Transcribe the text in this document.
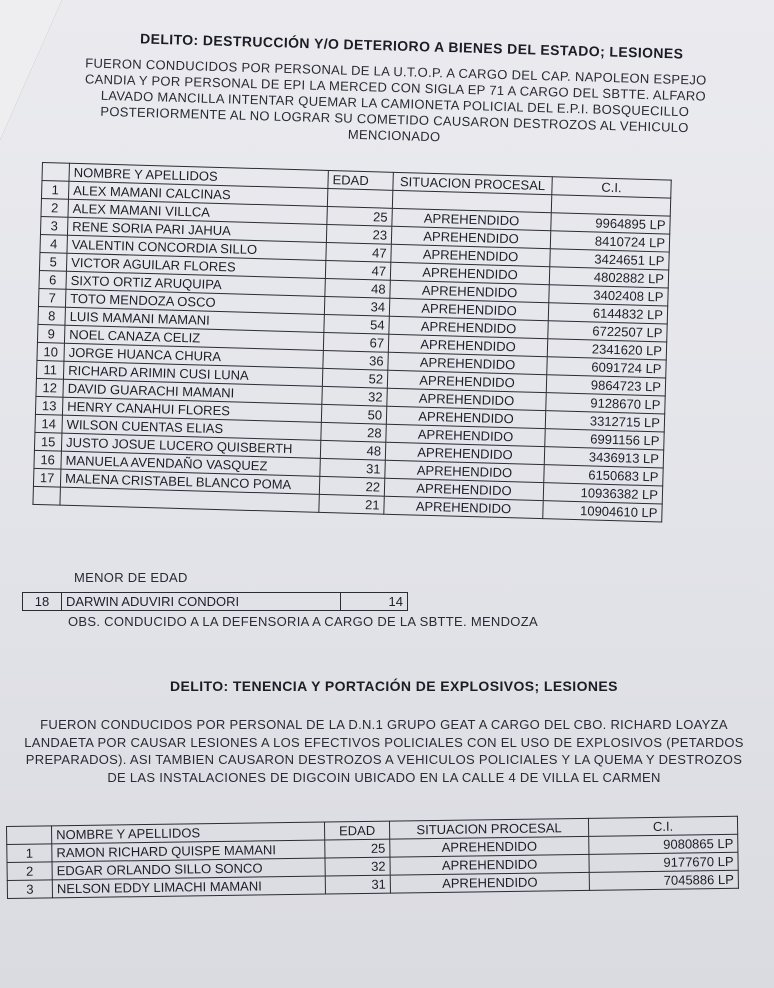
DELITO: DESTRUCCIÓN Y/O DETERIORO A BIENES DEL ESTADO; LESIONES
FUERON CONDUCIDOS POR PERSONAL DE LA U.T.O.P. A CARGO DEL CAP. NAPOLEON ESPEJO CANDIA Y POR PERSONAL DE EPI LA MERCED CON SIGLA EP 71 A CARGO DEL SBTTE. ALFARO LAVADO MANCILLA INTENTAR QUEMAR LA CAMIONETA POLICIAL DEL E.P.I. BOSQUECILLO POSTERIORMENTE AL NO LOGRAR SU COMETIDO CAUSARON DESTROZOS AL VEHICULO MENCIONADO
	NOMBRE Y APELLIDOS	EDAD	SITUACION PROCESAL	C.I.
1	ALEX MAMANI CALCINAS			
2	ALEX MAMANI VILLCA	25	APREHENDIDO	9964895 LP
3	RENE SORIA PARI JAHUA	23	APREHENDIDO	8410724 LP
4	VALENTIN CONCORDIA SILLO	47	APREHENDIDO	3424651 LP
5	VICTOR AGUILAR FLORES	47	APREHENDIDO	4802882 LP
6	SIXTO ORTIZ ARUQUIPA	48	APREHENDIDO	3402408 LP
7	TOTO MENDOZA OSCO	34	APREHENDIDO	6144832 LP
8	LUIS MAMANI MAMANI	54	APREHENDIDO	6722507 LP
9	NOEL CANAZA CELIZ	67	APREHENDIDO	2341620 LP
10	JORGE HUANCA CHURA	36	APREHENDIDO	6091724 LP
11	RICHARD ARIMIN CUSI LUNA	52	APREHENDIDO	9864723 LP
12	DAVID GUARACHI MAMANI	32	APREHENDIDO	9128670 LP
13	HENRY CANAHUI FLORES	50	APREHENDIDO	3312715 LP
14	WILSON CUENTAS ELIAS	28	APREHENDIDO	6991156 LP
15	JUSTO JOSUE LUCERO QUISBERTH	48	APREHENDIDO	3436913 LP
16	MANUELA AVENDAÑO VASQUEZ	31	APREHENDIDO	6150683 LP
17	MALENA CRISTABEL BLANCO POMA	22	APREHENDIDO	10936382 LP
		21	APREHENDIDO	10904610 LP
MENOR DE EDAD
18	DARWIN ADUVIRI CONDORI	14
OBS. CONDUCIDO A LA DEFENSORIA A CARGO DE LA SBTTE. MENDOZA
DELITO: TENENCIA Y PORTACIÓN DE EXPLOSIVOS; LESIONES
FUERON CONDUCIDOS POR PERSONAL DE LA D.N.1 GRUPO GEAT A CARGO DEL CBO. RICHARD LOAYZA LANDAETA POR CAUSAR LESIONES A LOS EFECTIVOS POLICIALES CON EL USO DE EXPLOSIVOS (PETARDOS PREPARADOS). ASI TAMBIEN CAUSARON DESTROZOS A VEHICULOS POLICIALES Y LA QUEMA Y DESTROZOS DE LAS INSTALACIONES DE DIGCOIN UBICADO EN LA CALLE 4 DE VILLA EL CARMEN
	NOMBRE Y APELLIDOS	EDAD	SITUACION PROCESAL	C.I.
1	RAMON RICHARD QUISPE MAMANI	25	APREHENDIDO	9080865 LP
2	EDGAR ORLANDO SILLO SONCO	32	APREHENDIDO	9177670 LP
3	NELSON EDDY LIMACHI MAMANI	31	APREHENDIDO	7045886 LP
